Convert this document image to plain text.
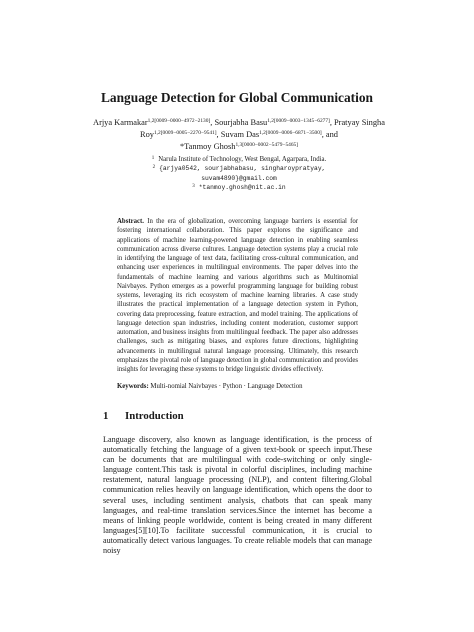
Language Detection for Global Communication
Arjya Karmakar$^{1,2[0009-0000-4972-2130]}$, Sourjabha Basu$^{1,2[0009-0003-1345-6277]}$, Pratyay Singha Roy$^{1,2[0009-0005-2270-9541]}$, Suvam Das$^{1,2[0009-0006-6871-3500]}$, and
*Tanmoy Ghosh$^{1,3[0000-0002-5479-5465]}$
$^1$ Narula Institute of Technology, West Bengal, Agarpara, India.
$^2$ {arjya0542, sourjabhabasu, singharoypratyay,
suvam4890}@gmail.com
$^3$ *tanmoy.ghosh@nit.ac.in
Abstract. In the era of globalization, overcoming language barriers is essential for fostering international collaboration. This paper explores the significance and applications of machine learning-powered language detection in enabling seamless communication across diverse cultures. Language detection systems play a crucial role in identifying the language of text data, facilitating cross-cultural communication, and enhancing user experiences in multilingual environments. The paper delves into the fundamentals of machine learning and various algorithms such as Multinomial Naivbayes. Python emerges as a powerful programming language for building robust systems, leveraging its rich ecosystem of machine learning libraries. A case study illustrates the practical implementation of a language detection system in Python, covering data preprocessing, feature extraction, and model training. The applications of language detection span industries, including content moderation, customer support automation, and business insights from multilingual feedback. The paper also addresses challenges, such as mitigating biases, and explores future directions, highlighting advancements in multilingual natural language processing. Ultimately, this research emphasizes the pivotal role of language detection in global communication and provides insights for leveraging these systems to bridge linguistic divides effectively.
Keywords: Multi-nomial Naivbayes · Python · Language Detection
1 Introduction
Language discovery, also known as language identification, is the process of automatically fetching the language of a given text-book or speech input.These can be documents that are multilingual with code-switching or only single-language content.This task is pivotal in colorful disciplines, including machine restatement, natural language processing (NLP), and content filtering.Global communication relies heavily on language identification, which opens the door to several uses, including sentiment analysis, chatbots that can speak many languages, and real-time translation services.Since the internet has become a means of linking people worldwide, content is being created in many different languages[5][10].To facilitate successful communication, it is crucial to automatically detect various languages. To create reliable models that can manage noisy
